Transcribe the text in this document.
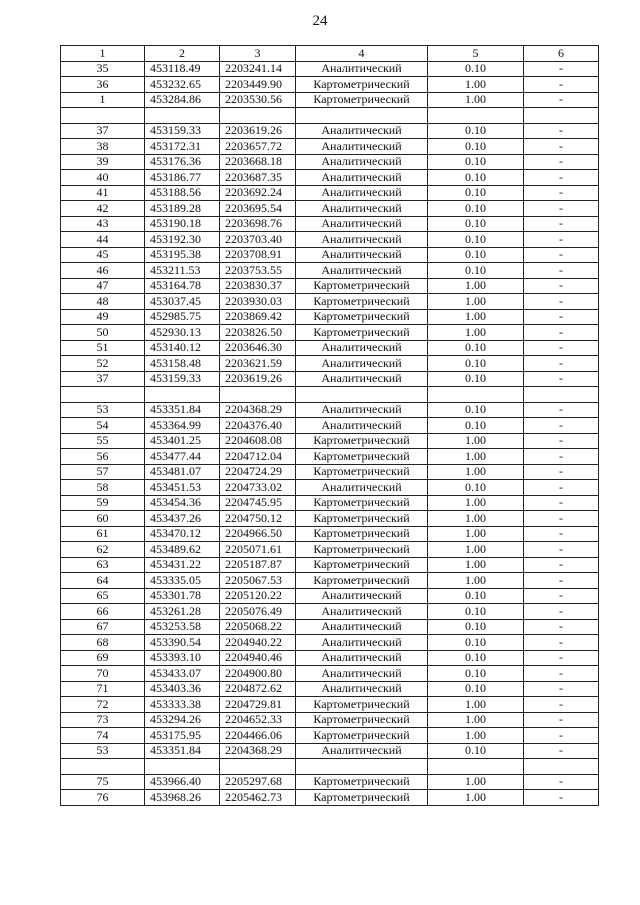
24
1	2	3	4	5	6
35	453118.49	2203241.14	Аналитический	0.10	-
36	453232.65	2203449.90	Картометрический	1.00	-
1	453284.86	2203530.56	Картометрический	1.00	-

37	453159.33	2203619.26	Аналитический	0.10	-
38	453172.31	2203657.72	Аналитический	0.10	-
39	453176.36	2203668.18	Аналитический	0.10	-
40	453186.77	2203687.35	Аналитический	0.10	-
41	453188.56	2203692.24	Аналитический	0.10	-
42	453189.28	2203695.54	Аналитический	0.10	-
43	453190.18	2203698.76	Аналитический	0.10	-
44	453192.30	2203703.40	Аналитический	0.10	-
45	453195.38	2203708.91	Аналитический	0.10	-
46	453211.53	2203753.55	Аналитический	0.10	-
47	453164.78	2203830.37	Картометрический	1.00	-
48	453037.45	2203930.03	Картометрический	1.00	-
49	452985.75	2203869.42	Картометрический	1.00	-
50	452930.13	2203826.50	Картометрический	1.00	-
51	453140.12	2203646.30	Аналитический	0.10	-
52	453158.48	2203621.59	Аналитический	0.10	-
37	453159.33	2203619.26	Аналитический	0.10	-

53	453351.84	2204368.29	Аналитический	0.10	-
54	453364.99	2204376.40	Аналитический	0.10	-
55	453401.25	2204608.08	Картометрический	1.00	-
56	453477.44	2204712.04	Картометрический	1.00	-
57	453481.07	2204724.29	Картометрический	1.00	-
58	453451.53	2204733.02	Аналитический	0.10	-
59	453454.36	2204745.95	Картометрический	1.00	-
60	453437.26	2204750.12	Картометрический	1.00	-
61	453470.12	2204966.50	Картометрический	1.00	-
62	453489.62	2205071.61	Картометрический	1.00	-
63	453431.22	2205187.87	Картометрический	1.00	-
64	453335.05	2205067.53	Картометрический	1.00	-
65	453301.78	2205120.22	Аналитический	0.10	-
66	453261.28	2205076.49	Аналитический	0.10	-
67	453253.58	2205068.22	Аналитический	0.10	-
68	453390.54	2204940.22	Аналитический	0.10	-
69	453393.10	2204940.46	Аналитический	0.10	-
70	453433.07	2204900.80	Аналитический	0.10	-
71	453403.36	2204872.62	Аналитический	0.10	-
72	453333.38	2204729.81	Картометрический	1.00	-
73	453294.26	2204652.33	Картометрический	1.00	-
74	453175.95	2204466.06	Картометрический	1.00	-
53	453351.84	2204368.29	Аналитический	0.10	-

75	453966.40	2205297.68	Картометрический	1.00	-
76	453968.26	2205462.73	Картометрический	1.00	-
